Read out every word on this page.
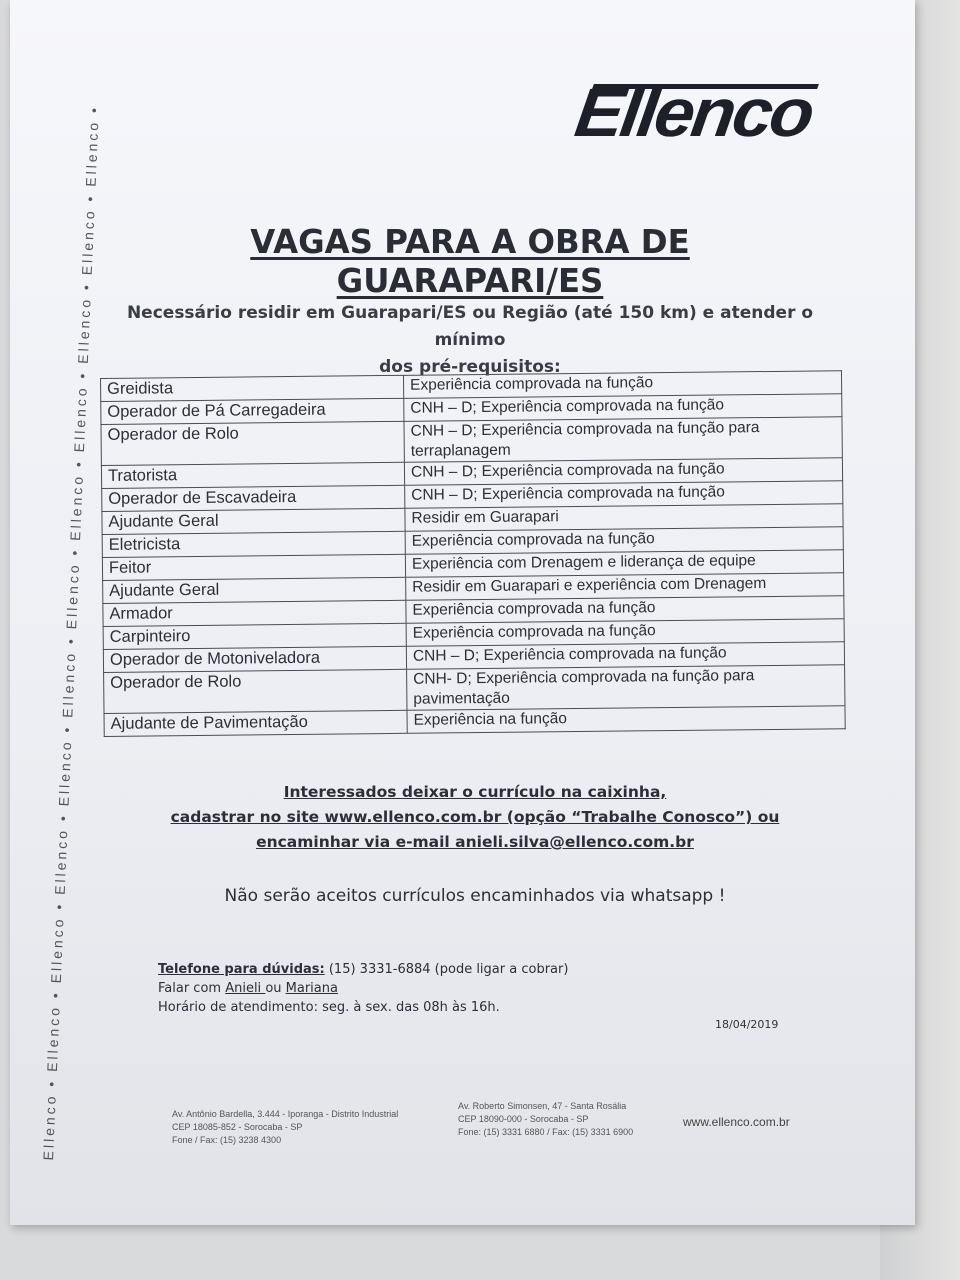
Ellenco • Ellenco • Ellenco • Ellenco • Ellenco • Ellenco • Ellenco • Ellenco • Ellenco • Ellenco • Ellenco • Ellenco •	Ellenco
VAGAS PARA A OBRA DE GUARAPARI/ES
Necessário residir em Guarapari/ES ou Região (até 150 km) e atender o mínimo
dos pré-requisitos:
Greidista	Experiência comprovada na função
Operador de Pá Carregadeira	CNH – D; Experiência comprovada na função
Operador de Rolo	CNH – D; Experiência comprovada na função para terraplanagem
Tratorista	CNH – D; Experiência comprovada na função
Operador de Escavadeira	CNH – D; Experiência comprovada na função
Ajudante Geral	Residir em Guarapari
Eletricista	Experiência comprovada na função
Feitor	Experiência com Drenagem e liderança de equipe
Ajudante Geral	Residir em Guarapari e experiência com Drenagem
Armador	Experiência comprovada na função
Carpinteiro	Experiência comprovada na função
Operador de Motoniveladora	CNH – D; Experiência comprovada na função
Operador de Rolo	CNH- D; Experiência comprovada na função para pavimentação
Ajudante de Pavimentação	Experiência na função
Interessados deixar o currículo na caixinha,
cadastrar no site www.ellenco.com.br (opção “Trabalhe Conosco”) ou
encaminhar via e-mail anieli.silva@ellenco.com.br
Não serão aceitos currículos encaminhados via whatsapp !
Telefone para dúvidas: (15) 3331-6884 (pode ligar a cobrar)
Falar com Anieli ou Mariana
Horário de atendimento: seg. à sex. das 08h às 16h.
18/04/2019
Av. Antônio Bardella, 3.444 - Iporanga - Distrito Industrial
CEP 18085-852 - Sorocaba - SP
Fone / Fax: (15) 3238 4300
Av. Roberto Simonsen, 47 - Santa Rosália
CEP 18090-000 - Sorocaba - SP
Fone: (15) 3331 6880 / Fax: (15) 3331 6900
www.ellenco.com.br
